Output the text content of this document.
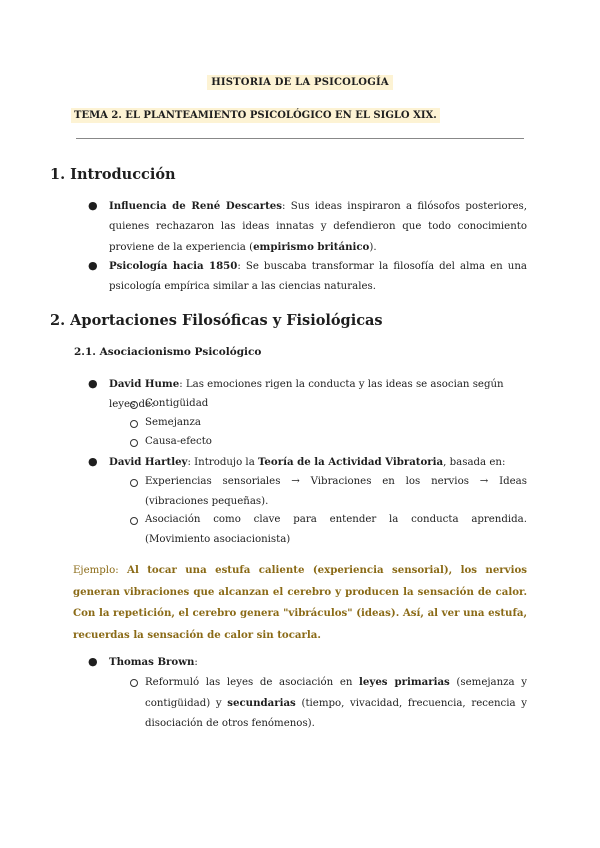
HISTORIA DE LA PSICOLOGÍA
TEMA 2. EL PLANTEAMIENTO PSICOLÓGICO EN EL SIGLO XIX.
1. Introducción
● Influencia de René Descartes: Sus ideas inspiraron a filósofos posteriores, quienes rechazaron las ideas innatas y defendieron que todo conocimiento proviene de la experiencia (empirismo británico).
● Psicología hacia 1850: Se buscaba transformar la filosofía del alma en una psicología empírica similar a las ciencias naturales.
2. Aportaciones Filosóficas y Fisiológicas
2.1. Asociacionismo Psicológico
● David Hume: Las emociones rigen la conducta y las ideas se asocian según leyes de:
Contigüidad
Semejanza
Causa-efecto
● David Hartley: Introdujo la Teoría de la Actividad Vibratoria, basada en:
Experiencias sensoriales → Vibraciones en los nervios → Ideas (vibraciones pequeñas).
Asociación como clave para entender la conducta aprendida. (Movimiento asociacionista)
Ejemplo: Al tocar una estufa caliente (experiencia sensorial), los nervios generan vibraciones que alcanzan el cerebro y producen la sensación de calor. Con la repetición, el cerebro genera "vibráculos" (ideas). Así, al ver una estufa, recuerdas la sensación de calor sin tocarla.
● Thomas Brown:
Reformuló las leyes de asociación en leyes primarias (semejanza y contigüidad) y secundarias (tiempo, vivacidad, frecuencia, recencia y disociación de otros fenómenos).
